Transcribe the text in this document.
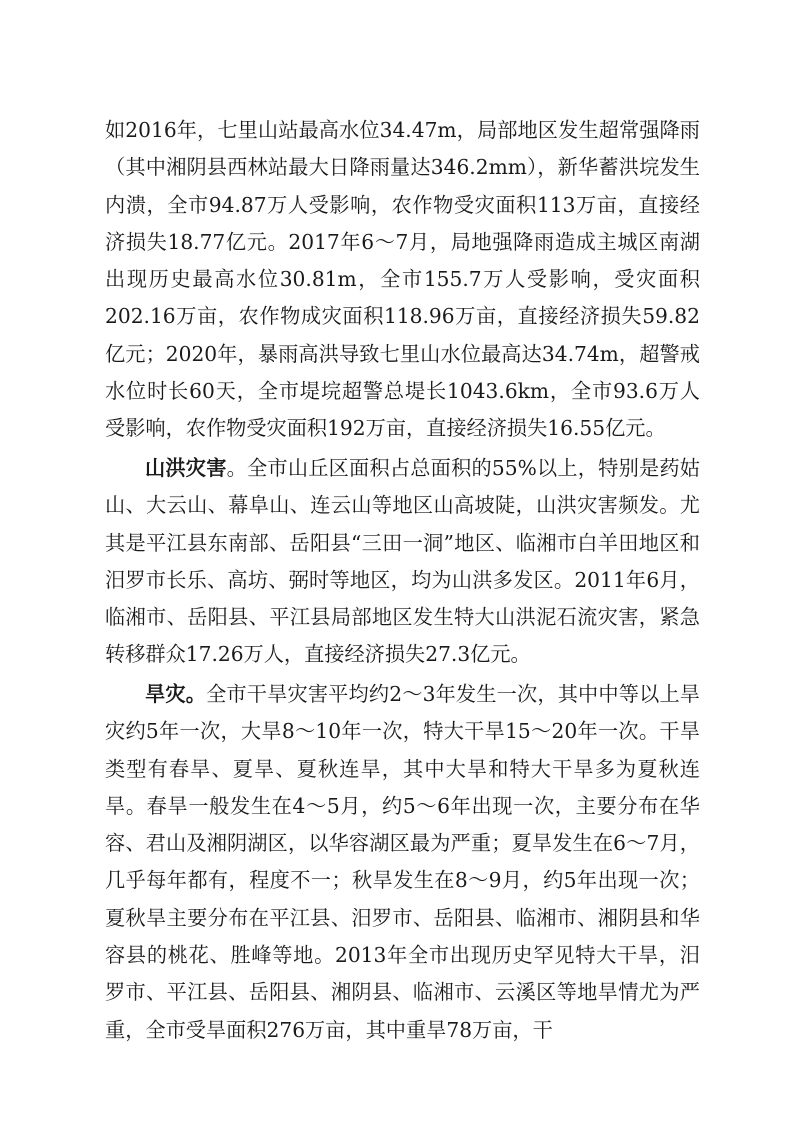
如2016年，七里山站最高水位34.47m，局部地区发生超常强降雨（其中湘阴县西林站最大日降雨量达346.2mm），新华蓄洪垸发生内溃，全市94.87万人受影响，农作物受灾面积113万亩，直接经济损失18.77亿元。2017年6～7月，局地强降雨造成主城区南湖出现历史最高水位30.81m，全市155.7万人受影响，受灾面积202.16万亩，农作物成灾面积118.96万亩，直接经济损失59.82亿元；2020年，暴雨高洪导致七里山水位最高达34.74m，超警戒水位时长60天，全市堤垸超警总堤长1043.6km，全市93.6万人受影响，农作物受灾面积192万亩，直接经济损失16.55亿元。

山洪灾害。全市山丘区面积占总面积的55%以上，特别是药姑山、大云山、幕阜山、连云山等地区山高坡陡，山洪灾害频发。尤其是平江县东南部、岳阳县“三田一洞”地区、临湘市白羊田地区和汨罗市长乐、高坊、弼时等地区，均为山洪多发区。2011年6月，临湘市、岳阳县、平江县局部地区发生特大山洪泥石流灾害，紧急转移群众17.26万人，直接经济损失27.3亿元。

旱灾。全市干旱灾害平均约2～3年发生一次，其中中等以上旱灾约5年一次，大旱8～10年一次，特大干旱15～20年一次。干旱类型有春旱、夏旱、夏秋连旱，其中大旱和特大干旱多为夏秋连旱。春旱一般发生在4～5月，约5～6年出现一次，主要分布在华容、君山及湘阴湖区，以华容湖区最为严重；夏旱发生在6～7月，几乎每年都有，程度不一；秋旱发生在8～9月，约5年出现一次；夏秋旱主要分布在平江县、汨罗市、岳阳县、临湘市、湘阴县和华容县的桃花、胜峰等地。2013年全市出现历史罕见特大干旱，汨罗市、平江县、岳阳县、湘阴县、临湘市、云溪区等地旱情尤为严重，全市受旱面积276万亩，其中重旱78万亩，干
